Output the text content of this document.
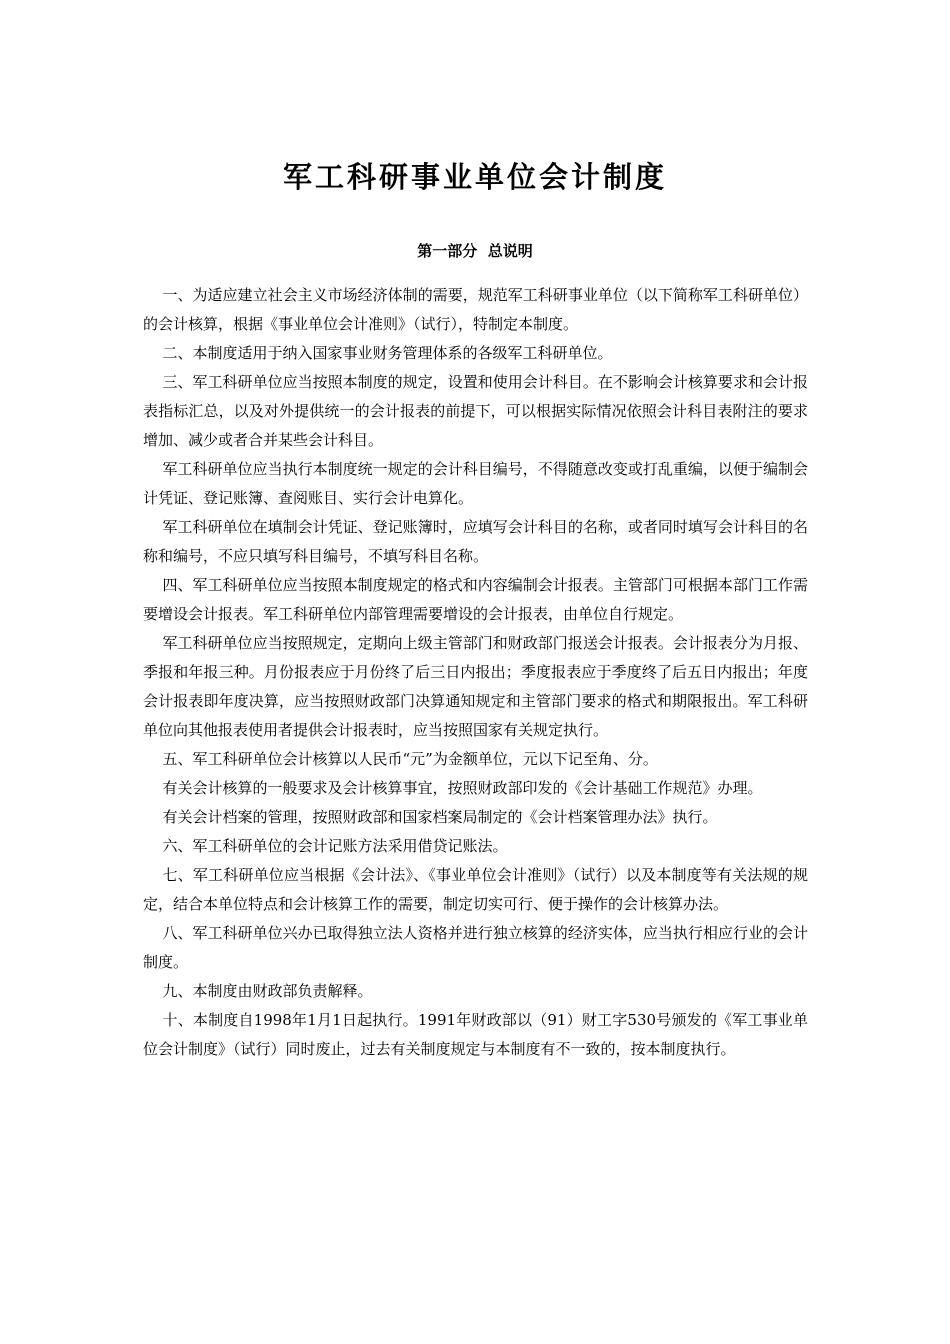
军工科研事业单位会计制度
第一部分  总说明

一、为适应建立社会主义市场经济体制的需要，规范军工科研事业单位（以下简称军工科研单位）的会计核算，根据《事业单位会计准则》（试行），特制定本制度。

二、本制度适用于纳入国家事业财务管理体系的各级军工科研单位。

三、军工科研单位应当按照本制度的规定，设置和使用会计科目。在不影响会计核算要求和会计报表指标汇总，以及对外提供统一的会计报表的前提下，可以根据实际情况依照会计科目表附注的要求增加、减少或者合并某些会计科目。

军工科研单位应当执行本制度统一规定的会计科目编号，不得随意改变或打乱重编，以便于编制会计凭证、登记账簿、查阅账目、实行会计电算化。

军工科研单位在填制会计凭证、登记账簿时，应填写会计科目的名称，或者同时填写会计科目的名称和编号，不应只填写科目编号，不填写科目名称。

四、军工科研单位应当按照本制度规定的格式和内容编制会计报表。主管部门可根据本部门工作需要增设会计报表。军工科研单位内部管理需要增设的会计报表，由单位自行规定。

军工科研单位应当按照规定，定期向上级主管部门和财政部门报送会计报表。会计报表分为月报、季报和年报三种。月份报表应于月份终了后三日内报出；季度报表应于季度终了后五日内报出；年度会计报表即年度决算，应当按照财政部门决算通知规定和主管部门要求的格式和期限报出。军工科研单位向其他报表使用者提供会计报表时，应当按照国家有关规定执行。

五、军工科研单位会计核算以人民币“元”为金额单位，元以下记至角、分。

有关会计核算的一般要求及会计核算事宜，按照财政部印发的《会计基础工作规范》办理。

有关会计档案的管理，按照财政部和国家档案局制定的《会计档案管理办法》执行。

六、军工科研单位的会计记账方法采用借贷记账法。

七、军工科研单位应当根据《会计法》、《事业单位会计准则》（试行）以及本制度等有关法规的规定，结合本单位特点和会计核算工作的需要，制定切实可行、便于操作的会计核算办法。

八、军工科研单位兴办已取得独立法人资格并进行独立核算的经济实体，应当执行相应行业的会计制度。

九、本制度由财政部负责解释。

十、本制度自1998年1月1日起执行。1991年财政部以（91）财工字530号颁发的《军工事业单位会计制度》（试行）同时废止，过去有关制度规定与本制度有不一致的，按本制度执行。
